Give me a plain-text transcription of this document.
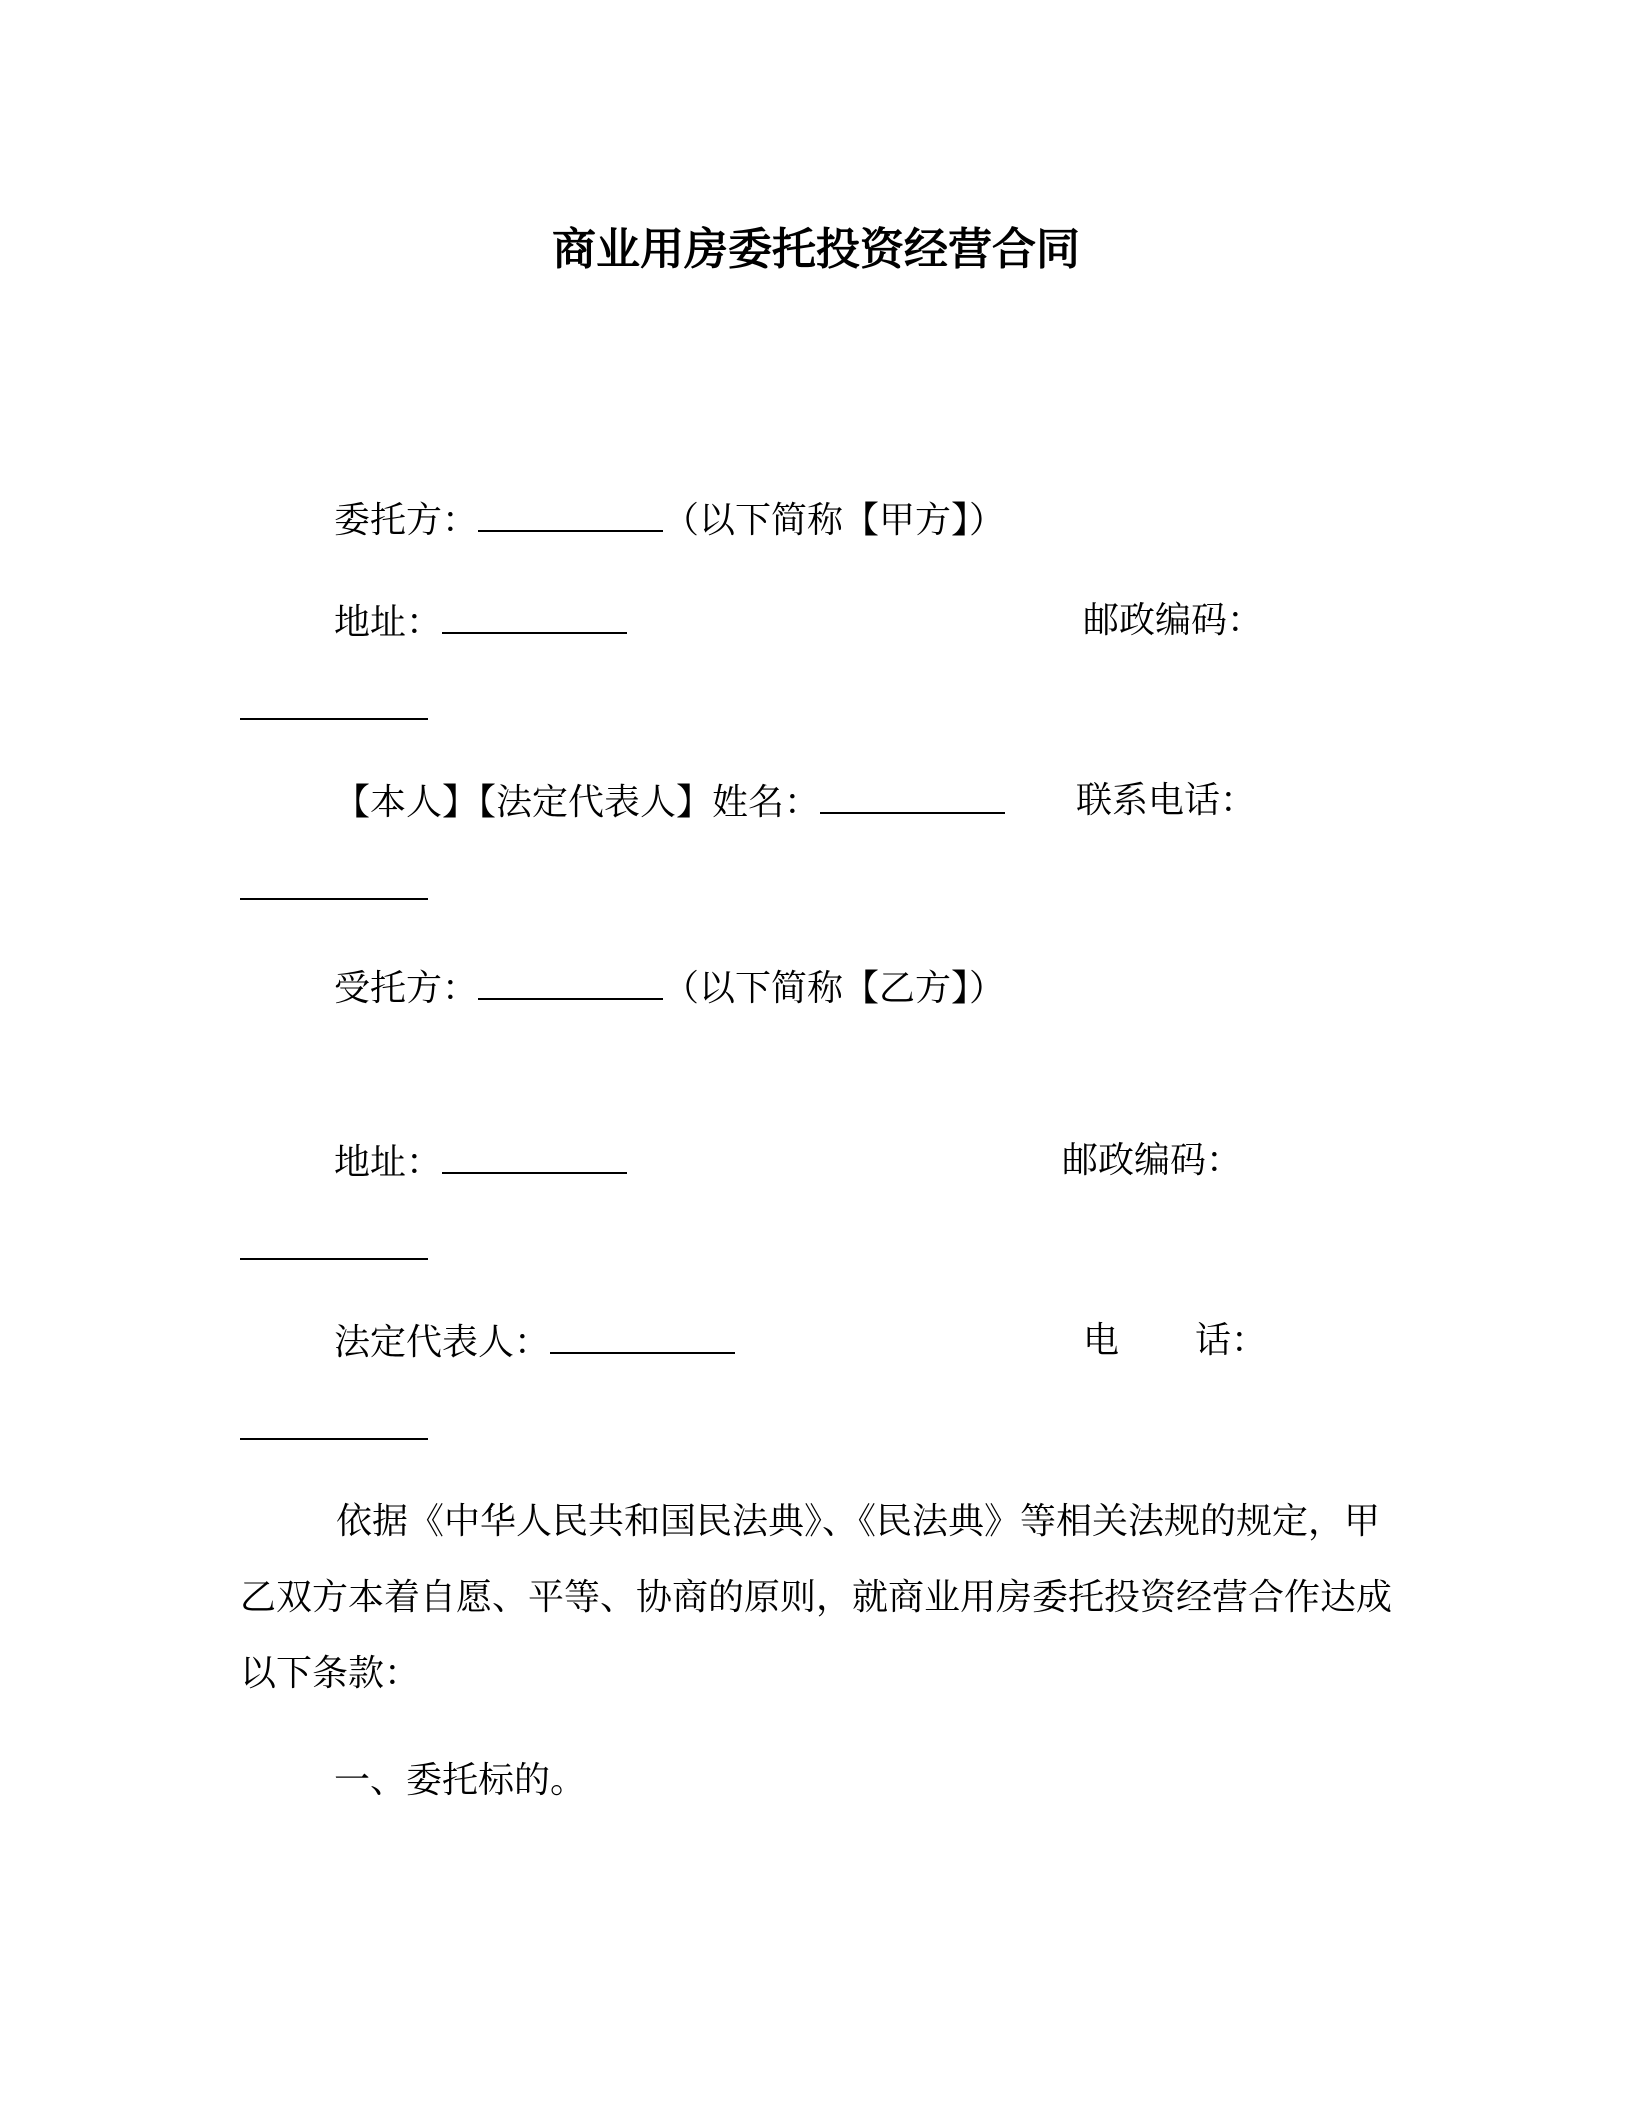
商业用房委托投资经营合同
委托方：	（以下简称【甲方】）
地址：	邮政编码：
【本人】【法定代表人】姓名：	联系电话：
受托方：	（以下简称【乙方】）
地址：	邮政编码：
法定代表人：	电 话：
依据《中华人民共和国民法典》、《民法典》等相关法规的规定，甲乙双方本着自愿、平等、协商的原则，就商业用房委托投资经营合作达成以下条款：
一、委托标的。
